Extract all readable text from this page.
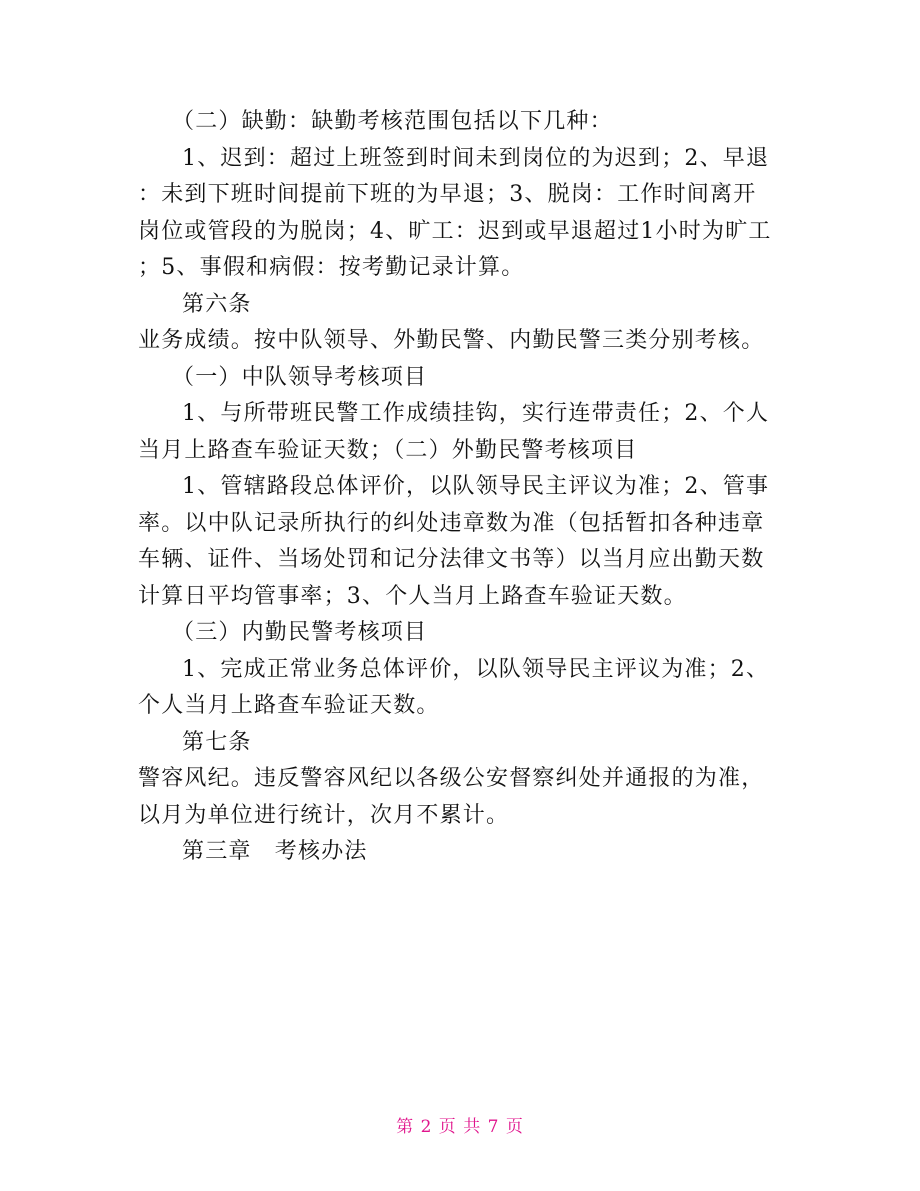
（二）缺勤：缺勤考核范围包括以下几种：
1、迟到：超过上班签到时间未到岗位的为迟到；2、早退
：未到下班时间提前下班的为早退；3、脱岗：工作时间离开
岗位或管段的为脱岗；4、旷工：迟到或早退超过1小时为旷工
；5、事假和病假：按考勤记录计算。
第六条
业务成绩。按中队领导、外勤民警、内勤民警三类分别考核。
（一）中队领导考核项目
1、与所带班民警工作成绩挂钩，实行连带责任；2、个人
当月上路查车验证天数；（二）外勤民警考核项目
1、管辖路段总体评价，以队领导民主评议为准；2、管事
率。以中队记录所执行的纠处违章数为准（包括暂扣各种违章
车辆、证件、当场处罚和记分法律文书等）以当月应出勤天数
计算日平均管事率；3、个人当月上路查车验证天数。
（三）内勤民警考核项目
1、完成正常业务总体评价，以队领导民主评议为准；2、
个人当月上路查车验证天数。
第七条
警容风纪。违反警容风纪以各级公安督察纠处并通报的为准，
以月为单位进行统计，次月不累计。
第三章　考核办法
第 2 页 共 7 页
